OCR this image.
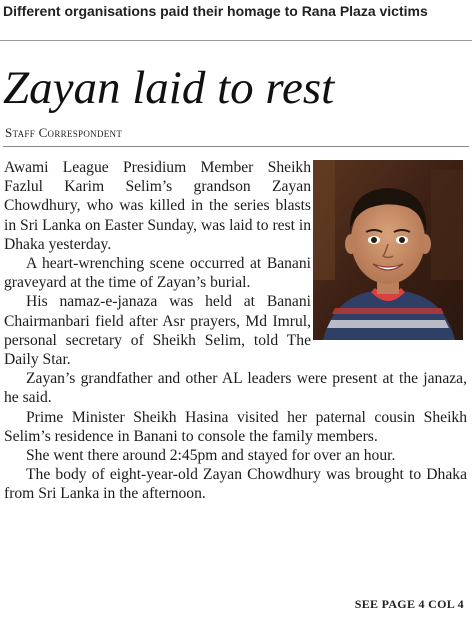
Different organisations paid their homage to Rana Plaza victims
Zayan laid to rest
Staff Correspondent

Awami League Presidium Member Sheikh Fazlul Karim Selim’s grandson Zayan Chowdhury, who was killed in the series blasts in Sri Lanka on Easter Sunday, was laid to rest in Dhaka yesterday.

A heart-wrenching scene occurred at Banani graveyard at the time of Zayan’s burial.

His namaz-e-janaza was held at Banani Chairmanbari field after Asr prayers, Md Imrul, personal secretary of Sheikh Selim, told The Daily Star.

Zayan’s grandfather and other AL leaders were present at the janaza, he said.

Prime Minister Sheikh Hasina visited her paternal cousin Sheikh Selim’s residence in Banani to console the family members.

She went there around 2:45pm and stayed for over an hour.

The body of eight-year-old Zayan Chowdhury was brought to Dhaka from Sri Lanka in the afternoon.

SEE PAGE 4 COL 4
